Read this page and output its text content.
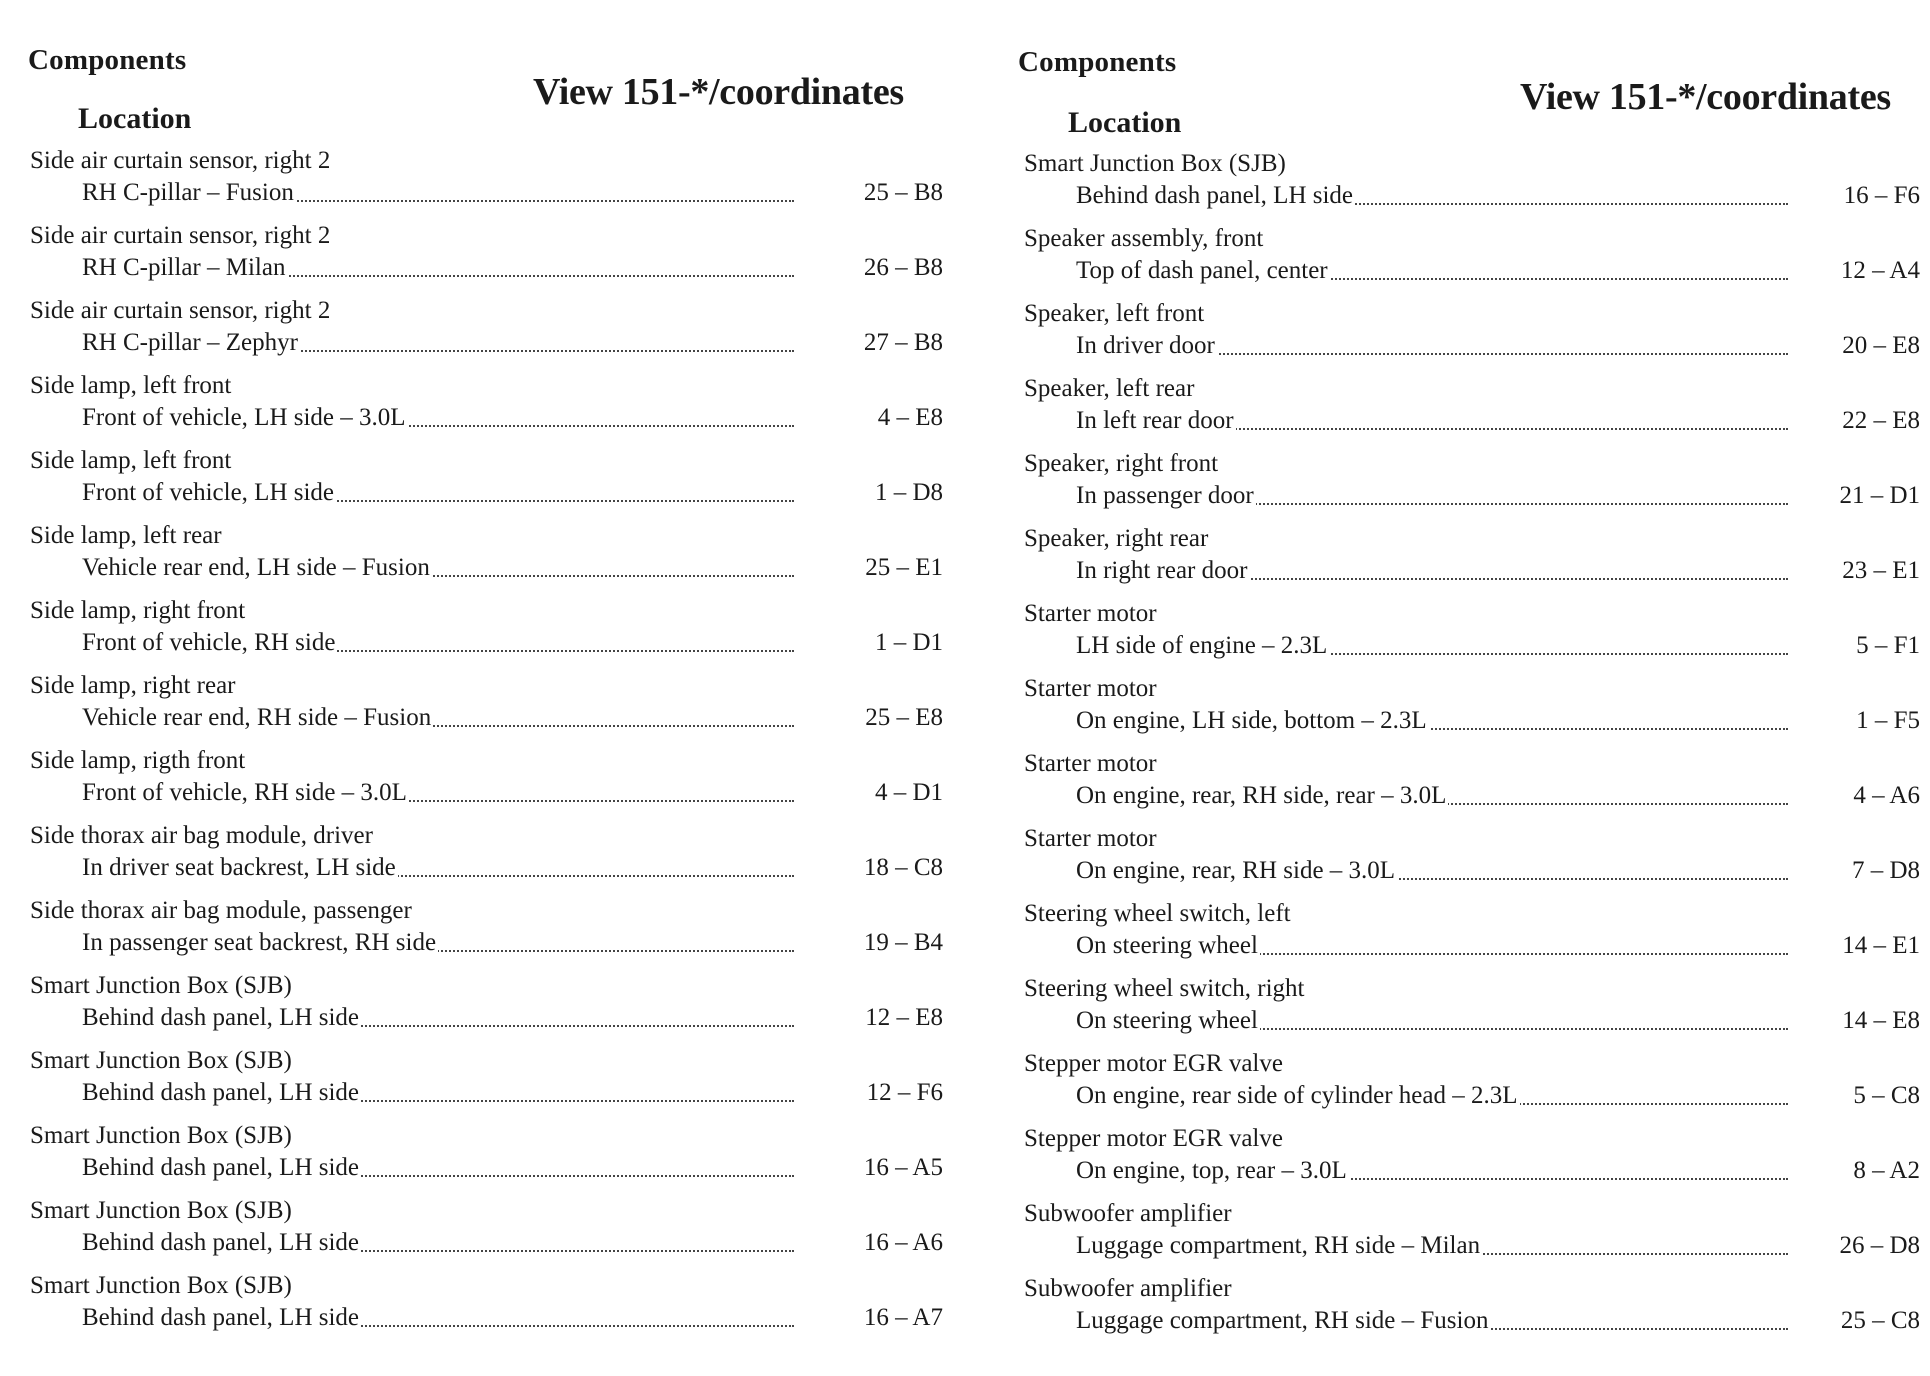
Components
Location
View 151-*/coordinates
Side air curtain sensor, right 2
RH C-pillar – Fusion	25 – B8
Side air curtain sensor, right 2
RH C-pillar – Milan	26 – B8
Side air curtain sensor, right 2
RH C-pillar – Zephyr	27 – B8
Side lamp, left front
Front of vehicle, LH side – 3.0L	4 – E8
Side lamp, left front
Front of vehicle, LH side	1 – D8
Side lamp, left rear
Vehicle rear end, LH side – Fusion	25 – E1
Side lamp, right front
Front of vehicle, RH side	1 – D1
Side lamp, right rear
Vehicle rear end, RH side – Fusion	25 – E8
Side lamp, rigth front
Front of vehicle, RH side – 3.0L	4 – D1
Side thorax air bag module, driver
In driver seat backrest, LH side	18 – C8
Side thorax air bag module, passenger
In passenger seat backrest, RH side	19 – B4
Smart Junction Box (SJB)
Behind dash panel, LH side	12 – E8
Smart Junction Box (SJB)
Behind dash panel, LH side	12 – F6
Smart Junction Box (SJB)
Behind dash panel, LH side	16 – A5
Smart Junction Box (SJB)
Behind dash panel, LH side	16 – A6
Smart Junction Box (SJB)
Behind dash panel, LH side	16 – A7
Components
Location
View 151-*/coordinates
Smart Junction Box (SJB)
Behind dash panel, LH side	16 – F6
Speaker assembly, front
Top of dash panel, center	12 – A4
Speaker, left front
In driver door	20 – E8
Speaker, left rear
In left rear door	22 – E8
Speaker, right front
In passenger door	21 – D1
Speaker, right rear
In right rear door	23 – E1
Starter motor
LH side of engine – 2.3L	5 – F1
Starter motor
On engine, LH side, bottom – 2.3L	1 – F5
Starter motor
On engine, rear, RH side, rear – 3.0L	4 – A6
Starter motor
On engine, rear, RH side – 3.0L	7 – D8
Steering wheel switch, left
On steering wheel	14 – E1
Steering wheel switch, right
On steering wheel	14 – E8
Stepper motor EGR valve
On engine, rear side of cylinder head – 2.3L	5 – C8
Stepper motor EGR valve
On engine, top, rear – 3.0L	8 – A2
Subwoofer amplifier
Luggage compartment, RH side – Milan	26 – D8
Subwoofer amplifier
Luggage compartment, RH side – Fusion	25 – C8
